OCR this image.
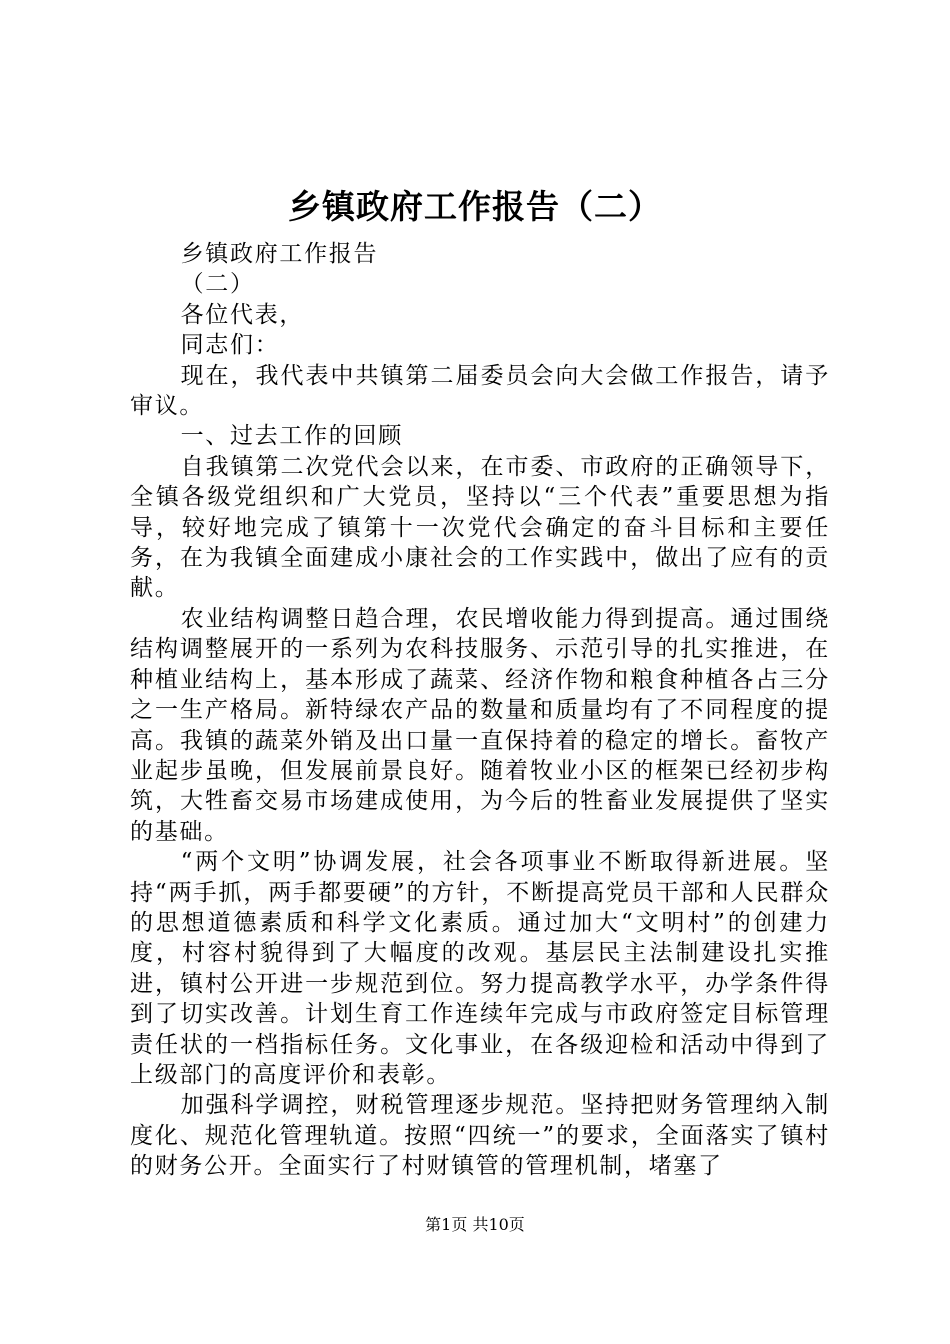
乡镇政府工作报告（二）

乡镇政府工作报告

（二）

各位代表，

同志们：

现在，我代表中共镇第二届委员会向大会做工作报告，请予审议。

一、过去工作的回顾

自我镇第二次党代会以来，在市委、市政府的正确领导下，全镇各级党组织和广大党员，坚持以“三个代表”重要思想为指导，较好地完成了镇第十一次党代会确定的奋斗目标和主要任务，在为我镇全面建成小康社会的工作实践中，做出了应有的贡献。

农业结构调整日趋合理，农民增收能力得到提高。通过围绕结构调整展开的一系列为农科技服务、示范引导的扎实推进，在种植业结构上，基本形成了蔬菜、经济作物和粮食种植各占三分之一生产格局。新特绿农产品的数量和质量均有了不同程度的提高。我镇的蔬菜外销及出口量一直保持着的稳定的增长。畜牧产业起步虽晚，但发展前景良好。随着牧业小区的框架已经初步构筑，大牲畜交易市场建成使用，为今后的牲畜业发展提供了坚实的基础。

“两个文明”协调发展，社会各项事业不断取得新进展。坚持“两手抓，两手都要硬”的方针，不断提高党员干部和人民群众的思想道德素质和科学文化素质。通过加大“文明村”的创建力度，村容村貌得到了大幅度的改观。基层民主法制建设扎实推进，镇村公开进一步规范到位。努力提高教学水平，办学条件得到了切实改善。计划生育工作连续年完成与市政府签定目标管理责任状的一档指标任务。文化事业，在各级迎检和活动中得到了上级部门的高度评价和表彰。

加强科学调控，财税管理逐步规范。坚持把财务管理纳入制度化、规范化管理轨道。按照“四统一”的要求，全面落实了镇村的财务公开。全面实行了村财镇管的管理机制，堵塞了

第1页 共10页
